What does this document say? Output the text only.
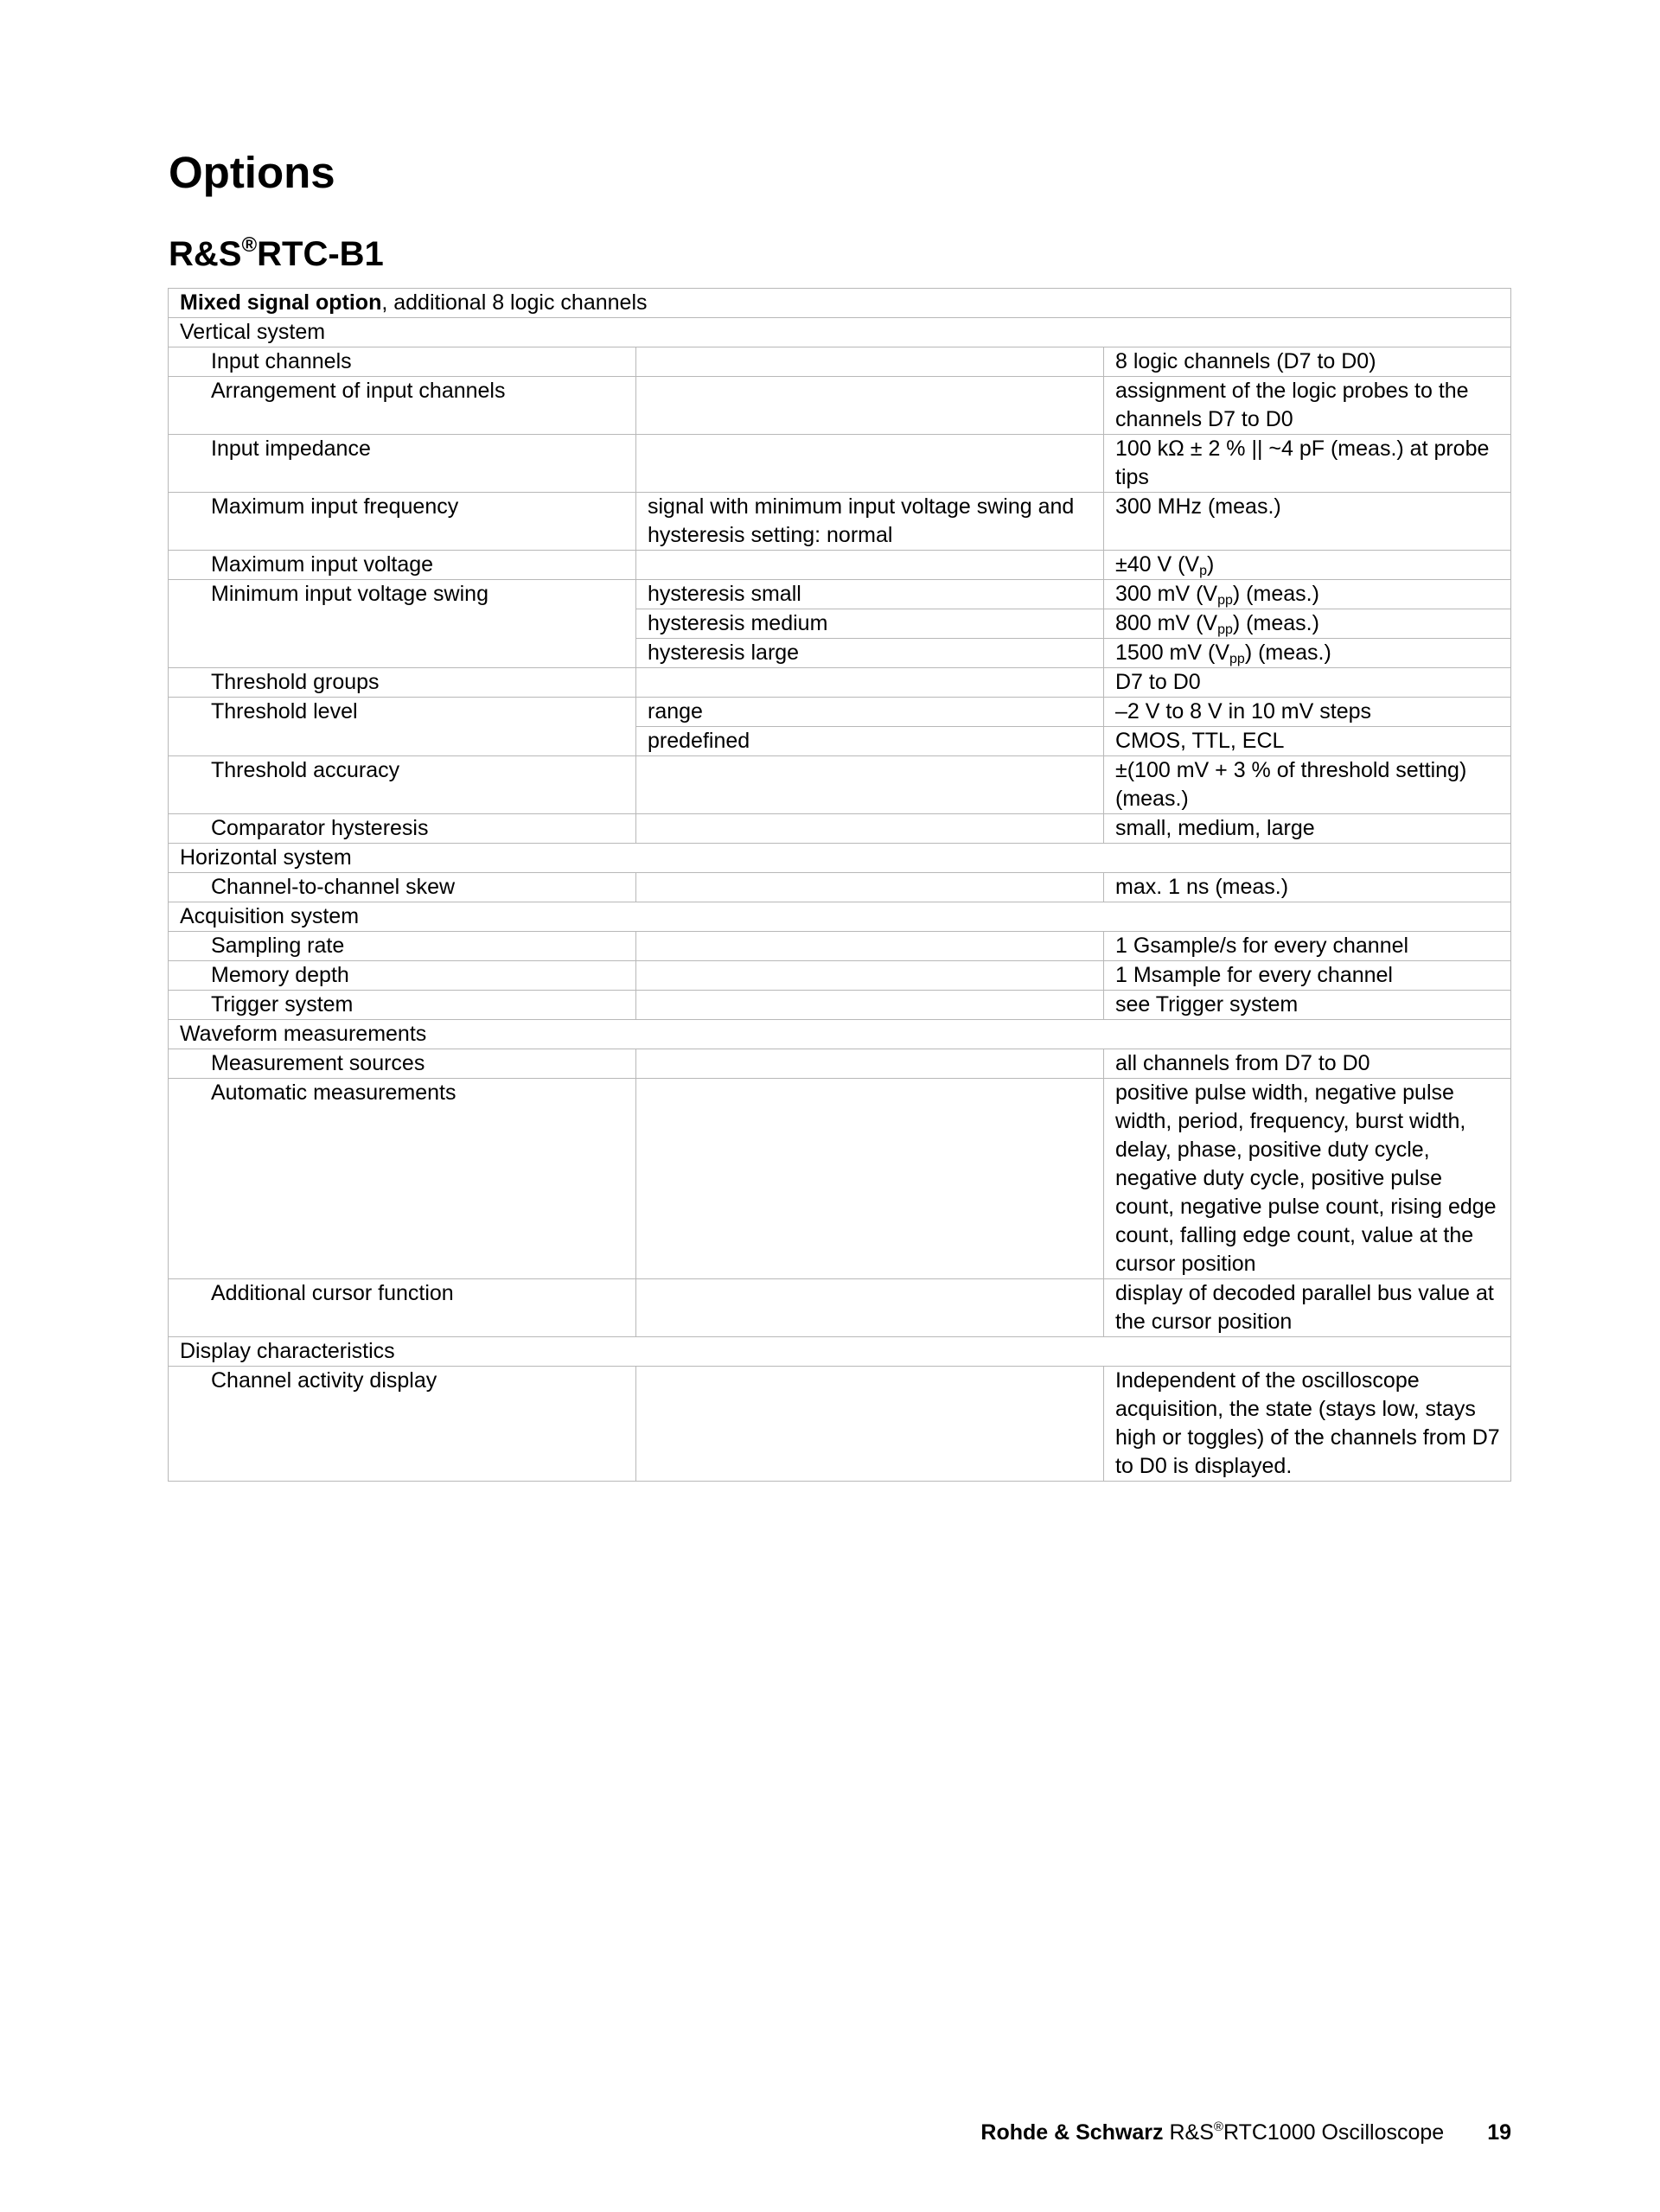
Options
R&S®RTC-B1
Mixed signal option, additional 8 logic channels		
Vertical system		

Input channels		8 logic channels (D7 to D0)

Arrangement of input channels		assignment of the logic probes to the channels D7 to D0

Input impedance		100 kΩ ± 2 % || ~4 pF (meas.) at probe tips

Maximum input frequency	signal with minimum input voltage swing and hysteresis setting: normal	300 MHz (meas.)

Maximum input voltage		±40 V $(V_p)$

Minimum input voltage swing	hysteresis small	300 mV $(V_{pp})$ (meas.)
	hysteresis medium	800 mV $(V_{pp})$ (meas.)
	hysteresis large	1500 mV $(V_{pp})$ (meas.)

Threshold groups		D7 to D0

Threshold level	range	–2 V to 8 V in 10 mV steps
	predefined	CMOS, TTL, ECL

Threshold accuracy		±(100 mV + 3 % of threshold setting) (meas.)

Comparator hysteresis		small, medium, large
Horizontal system		

Channel-to-channel skew		max. 1 ns (meas.)
Acquisition system		

Sampling rate		1 Gsample/s for every channel

Memory depth		1 Msample for every channel

Trigger system		see Trigger system
Waveform measurements		

Measurement sources		all channels from D7 to D0

Automatic measurements		positive pulse width, negative pulse width, period, frequency, burst width, delay, phase, positive duty cycle, negative duty cycle, positive pulse count, negative pulse count, rising edge count, falling edge count, value at the cursor position

Additional cursor function		display of decoded parallel bus value at the cursor position
Display characteristics		

Channel activity display		Independent of the oscilloscope acquisition, the state (stays low, stays high or toggles) of the channels from D7 to D0 is displayed.
Rohde & Schwarz R&S®RTC1000 Oscilloscope 19
